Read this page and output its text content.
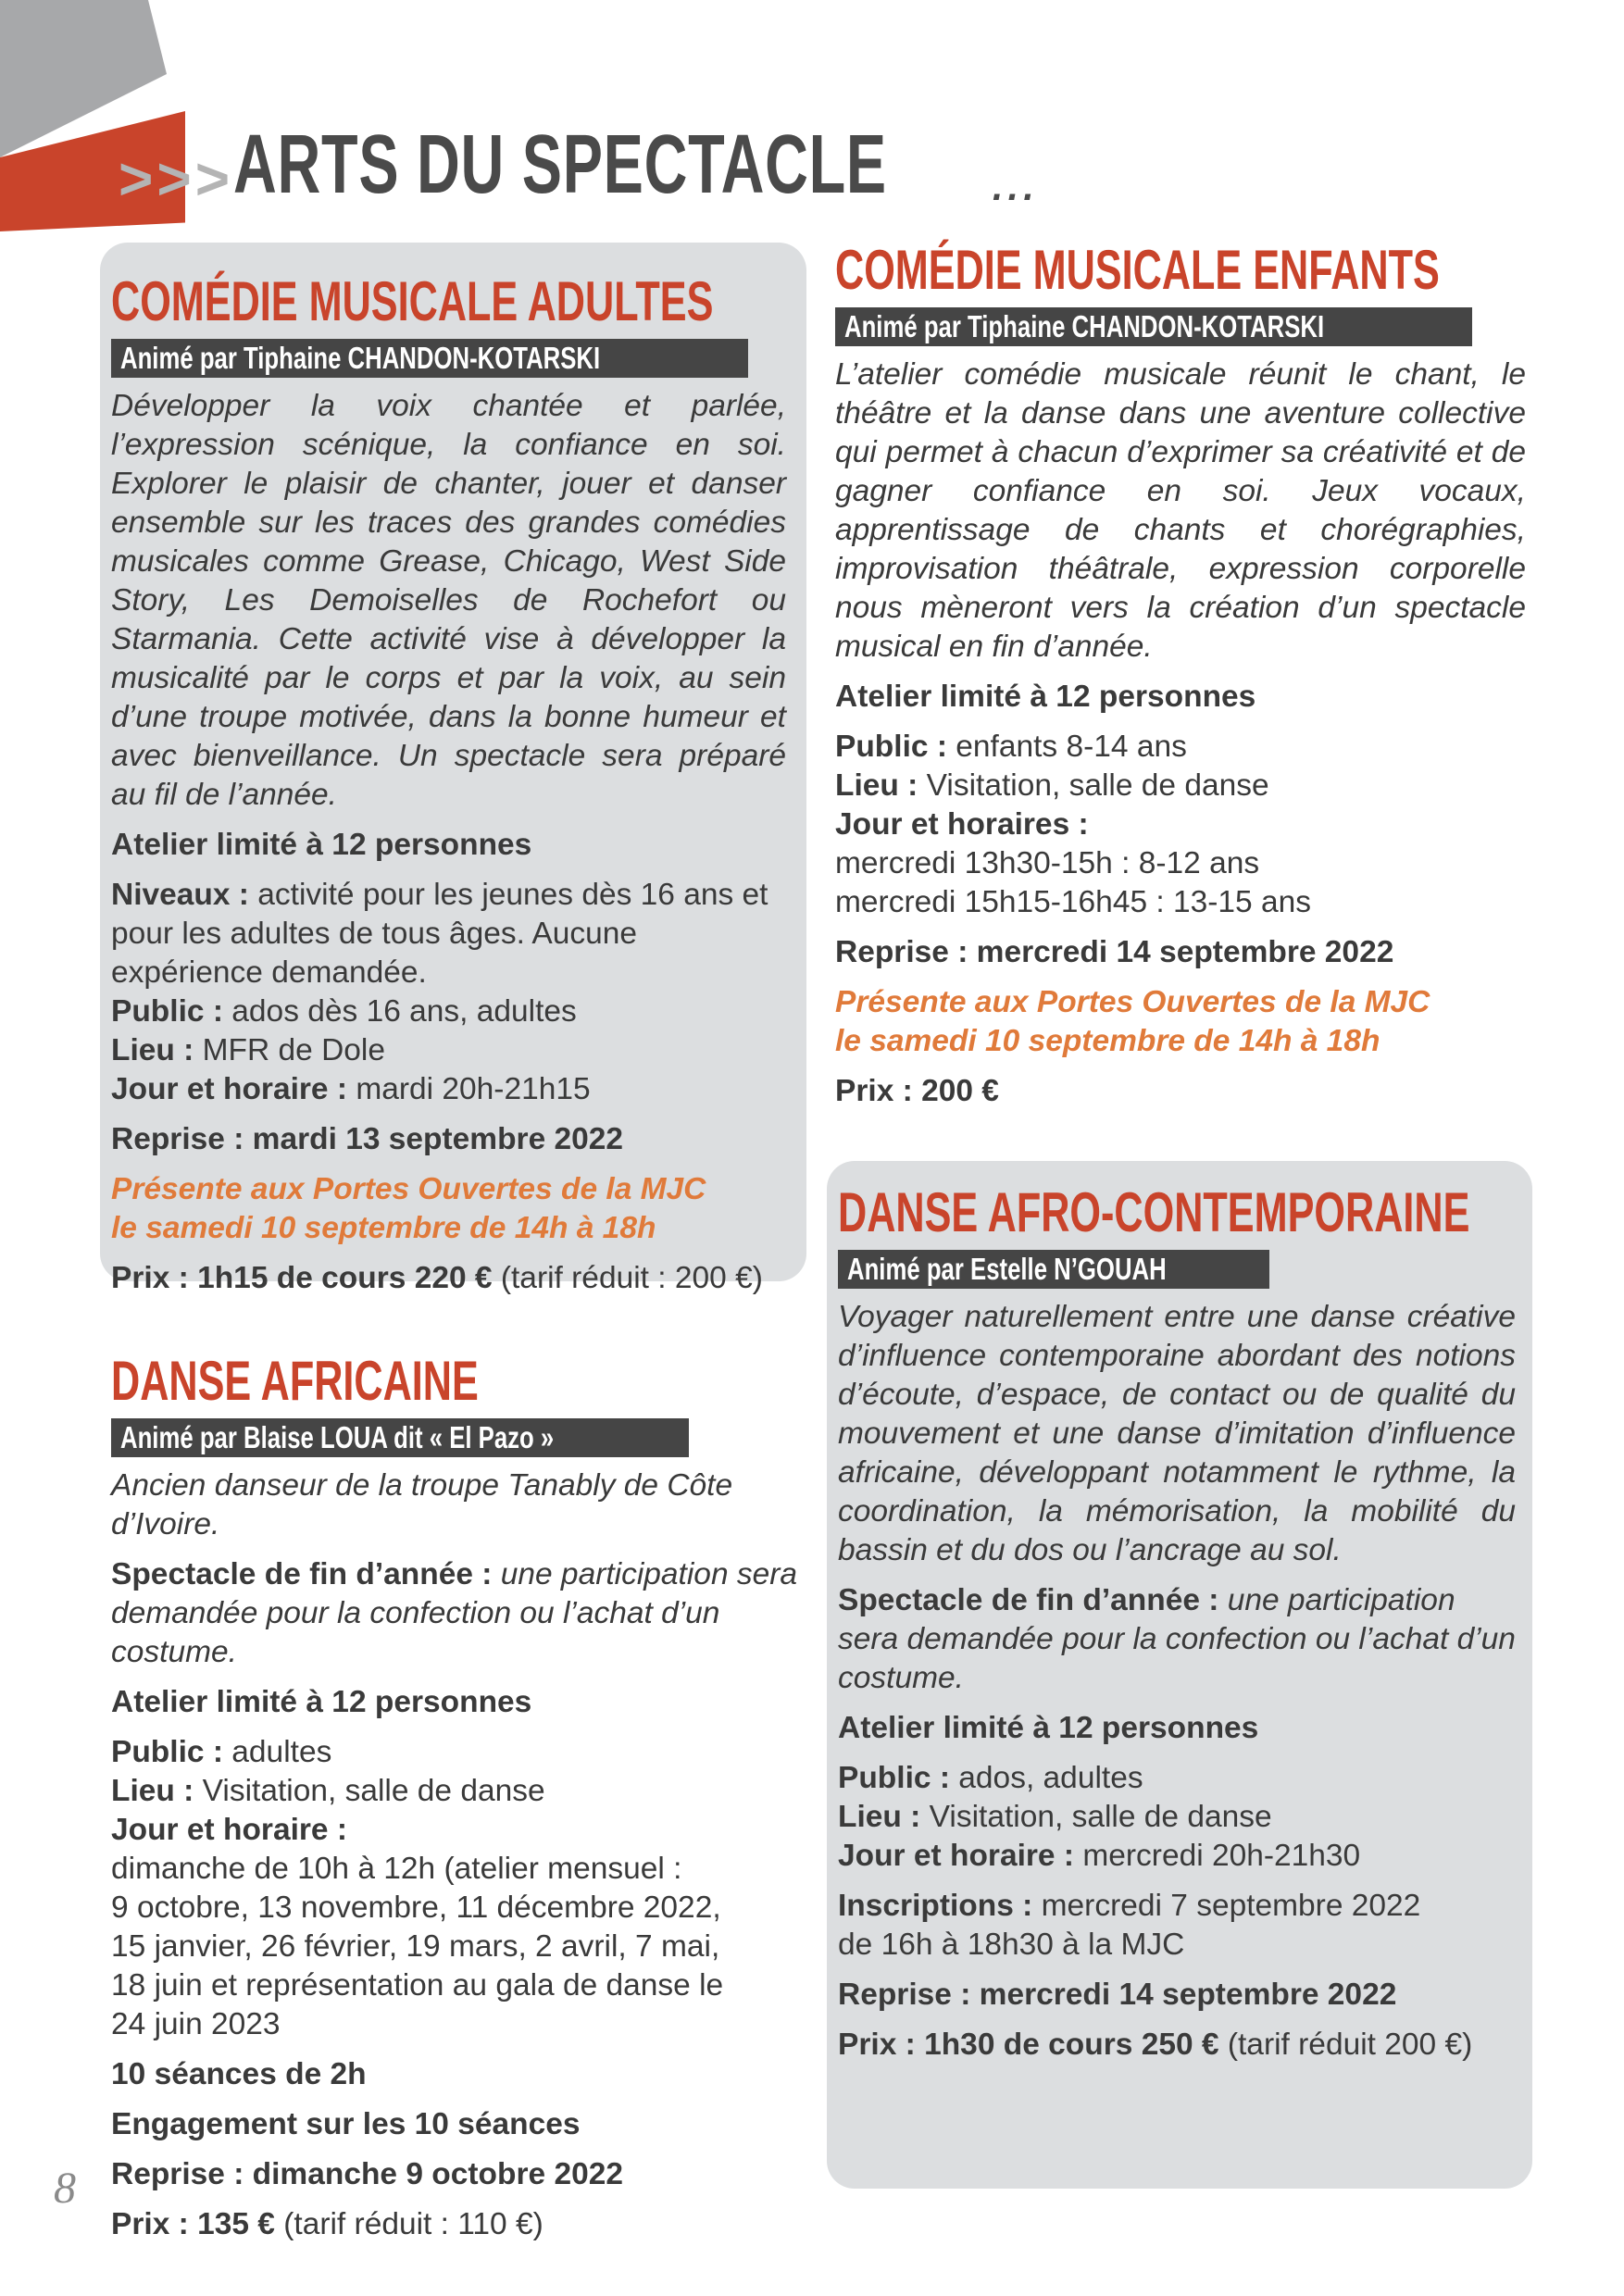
>>> ARTS DU SPECTACLE ...
COMÉDIE MUSICALE ADULTES
Animé par Tiphaine CHANDON-KOTARSKI

Développer la voix chantée et parlée, l’expression scénique, la confiance en soi. Explorer le plaisir de chanter, jouer et danser ensemble sur les traces des grandes comédies musicales comme Grease, Chicago, West Side Story, Les Demoiselles de Rochefort ou Starmania. Cette activité vise à développer la musicalité par le corps et par la voix, au sein d’une troupe motivée, dans la bonne humeur et avec bienveillance. Un spectacle sera préparé au fil de l’année.

Atelier limité à 12 personnes

Niveaux : activité pour les jeunes dès 16 ans et pour les adultes de tous âges. Aucune expérience demandée.

Public : ados dès 16 ans, adultes

Lieu : MFR de Dole

Jour et horaire : mardi 20h-21h15

Reprise : mardi 13 septembre 2022

Présente aux Portes Ouvertes de la MJC
le samedi 10 septembre de 14h à 18h

Prix : 1h15 de cours 220 € (tarif réduit : 200 €)

COMÉDIE MUSICALE ENFANTS
Animé par Tiphaine CHANDON-KOTARSKI

L’atelier comédie musicale réunit le chant, le théâtre et la danse dans une aventure collective qui permet à chacun d’exprimer sa créativité et de gagner confiance en soi. Jeux vocaux, apprentissage de chants et chorégraphies, improvisation théâtrale, expression corporelle nous mèneront vers la création d’un spectacle musical en fin d’année.

Atelier limité à 12 personnes

Public : enfants 8-14 ans

Lieu : Visitation, salle de danse

Jour et horaires :

mercredi 13h30-15h : 8-12 ans

mercredi 15h15-16h45 : 13-15 ans

Reprise : mercredi 14 septembre 2022

Présente aux Portes Ouvertes de la MJC
le samedi 10 septembre de 14h à 18h

Prix : 200 €

DANSE AFRICAINE
Animé par Blaise LOUA dit « El Pazo »

Ancien danseur de la troupe Tanably de Côte d’Ivoire.

Spectacle de fin d’année : une participation sera demandée pour la confection ou l’achat d’un costume.

Atelier limité à 12 personnes

Public : adultes

Lieu : Visitation, salle de danse

Jour et horaire :

dimanche de 10h à 12h (atelier mensuel :

9 octobre, 13 novembre, 11 décembre 2022,

15 janvier, 26 février, 19 mars, 2 avril, 7 mai,

18 juin et représentation au gala de danse le

24 juin 2023

10 séances de 2h

Engagement sur les 10 séances

Reprise : dimanche 9 octobre 2022

Prix : 135 € (tarif réduit : 110 €)

DANSE AFRO-CONTEMPORAINE
Animé par Estelle N’GOUAH

Voyager naturellement entre une danse créative d’influence contemporaine abordant des notions d’écoute, d’espace, de contact ou de qualité du mouvement et une danse d’imitation d’influence africaine, développant notamment le rythme, la coordination, la mémorisation, la mobilité du bassin et du dos ou l’ancrage au sol.

Spectacle de fin d’année : une participation sera demandée pour la confection ou l’achat d’un costume.

Atelier limité à 12 personnes

Public : ados, adultes

Lieu : Visitation, salle de danse

Jour et horaire : mercredi 20h-21h30

Inscriptions : mercredi 7 septembre 2022

de 16h à 18h30 à la MJC

Reprise : mercredi 14 septembre 2022

Prix : 1h30 de cours 250 € (tarif réduit 200 €)

8
